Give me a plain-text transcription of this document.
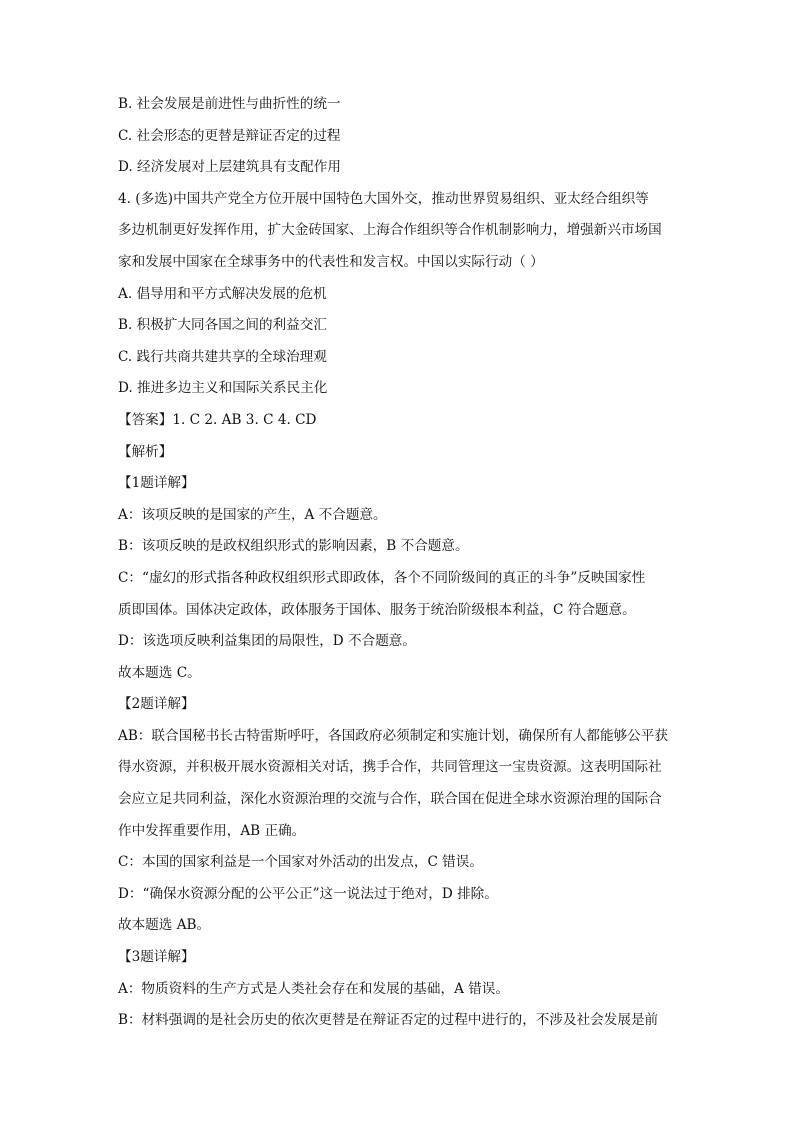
B. 社会发展是前进性与曲折性的统一
C. 社会形态的更替是辩证否定的过程
D. 经济发展对上层建筑具有支配作用
4. (多选)中国共产党全方位开展中国特色大国外交，推动世界贸易组织、亚太经合组织等
多边机制更好发挥作用，扩大金砖国家、上海合作组织等合作机制影响力，增强新兴市场国
家和发展中国家在全球事务中的代表性和发言权。中国以实际行动（ ）
A. 倡导用和平方式解决发展的危机
B. 积极扩大同各国之间的利益交汇
C. 践行共商共建共享的全球治理观
D. 推进多边主义和国际关系民主化
【答案】1. C 2. AB 3. C 4. CD
【解析】
【1题详解】
A：该项反映的是国家的产生，A 不合题意。
B：该项反映的是政权组织形式的影响因素，B 不合题意。
C：“虚幻的形式指各种政权组织形式即政体，各个不同阶级间的真正的斗争”反映国家性
质即国体。国体决定政体，政体服务于国体、服务于统治阶级根本利益，C 符合题意。
D：该选项反映利益集团的局限性，D 不合题意。
故本题选 C。
【2题详解】
AB：联合国秘书长古特雷斯呼吁，各国政府必须制定和实施计划，确保所有人都能够公平获
得水资源，并积极开展水资源相关对话，携手合作，共同管理这一宝贵资源。这表明国际社
会应立足共同利益，深化水资源治理的交流与合作，联合国在促进全球水资源治理的国际合
作中发挥重要作用，AB 正确。
C：本国的国家利益是一个国家对外活动的出发点，C 错误。
D：“确保水资源分配的公平公正”这一说法过于绝对，D 排除。
故本题选 AB。
【3题详解】
A：物质资料的生产方式是人类社会存在和发展的基础，A 错误。
B：材料强调的是社会历史的依次更替是在辩证否定的过程中进行的，不涉及社会发展是前
